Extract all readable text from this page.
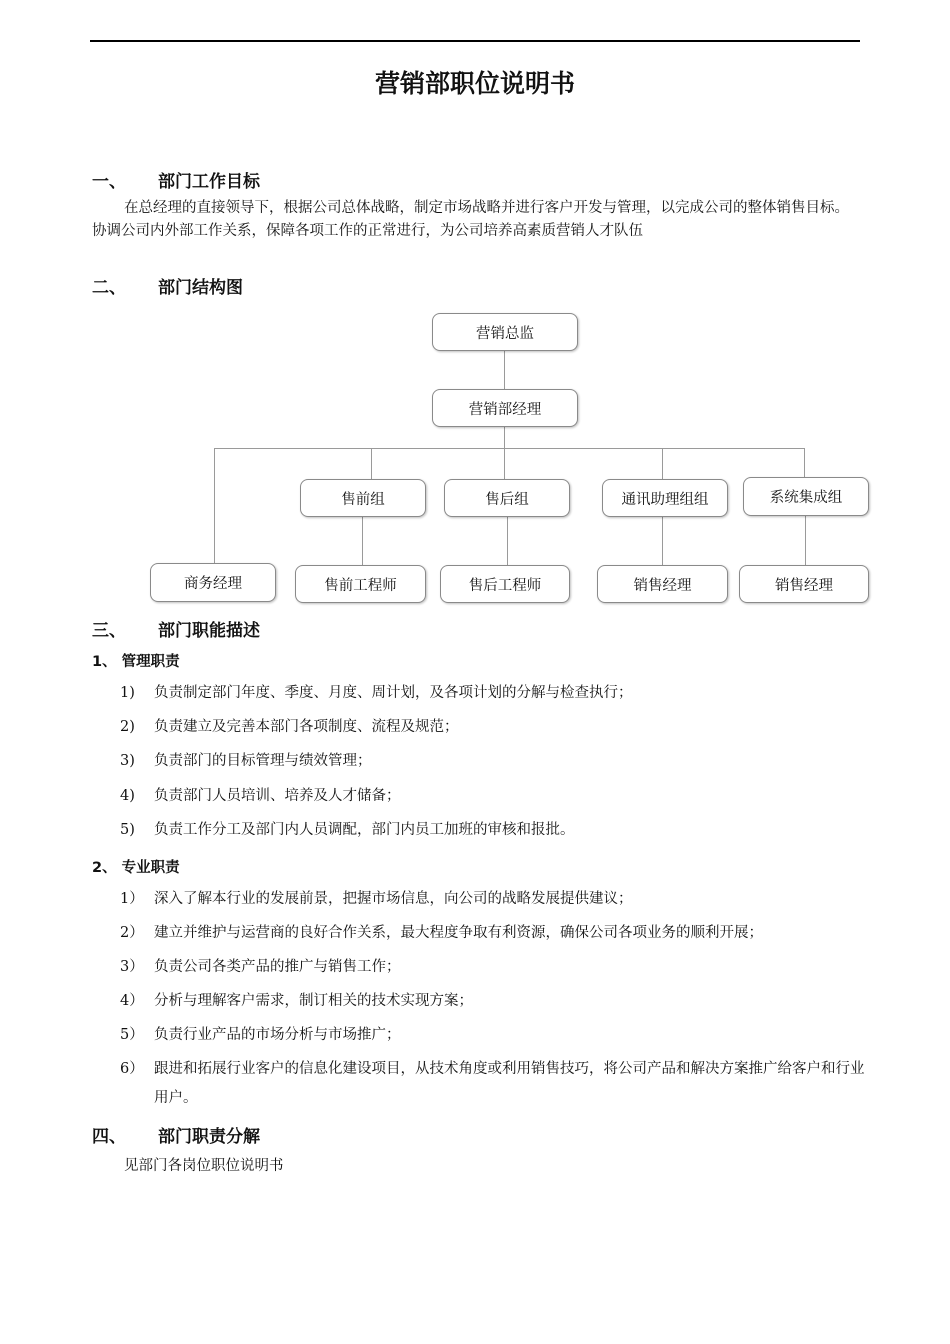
营销部职位说明书
一、 部门工作目标
在总经理的直接领导下，根据公司总体战略，制定市场战略并进行客户开发与管理，以完成公司的整体销售目标。协调公司内外部工作关系，保障各项工作的正常进行，为公司培养高素质营销人才队伍
二、 部门结构图
营销总监
营销部经理
售前组	售后组	通讯助理组组	系统集成组
商务经理	售前工程师	售后工程师	销售经理	销售经理
三、 部门职能描述
1、 管理职责
1)	负责制定部门年度、季度、月度、周计划，及各项计划的分解与检查执行；
2)	负责建立及完善本部门各项制度、流程及规范；
3)	负责部门的目标管理与绩效管理；
4)	负责部门人员培训、培养及人才储备；
5)	负责工作分工及部门内人员调配，部门内员工加班的审核和报批。
2、 专业职责
1） 深入了解本行业的发展前景，把握市场信息，向公司的战略发展提供建议；
2） 建立并维护与运营商的良好合作关系，最大程度争取有利资源，确保公司各项业务的顺利开展；
3） 负责公司各类产品的推广与销售工作；
4） 分析与理解客户需求，制订相关的技术实现方案；
5） 负责行业产品的市场分析与市场推广；
6） 跟进和拓展行业客户的信息化建设项目，从技术角度或利用销售技巧，将公司产品和解决方案推广给客户和行业用户。
四、 部门职责分解
见部门各岗位职位说明书
